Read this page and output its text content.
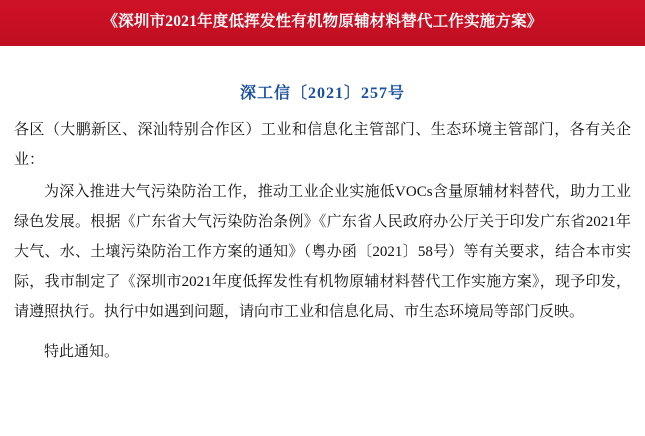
《深圳市2021年度低挥发性有机物原辅材料替代工作实施方案》
深工信〔2021〕257号

各区（大鹏新区、深汕特别合作区）工业和信息化主管部门、生态环境主管部门，各有关企业：

为深入推进大气污染防治工作，推动工业企业实施低VOCs含量原辅材料替代，助力工业绿色发展。根据《广东省大气污染防治条例》《广东省人民政府办公厅关于印发广东省2021年大气、水、土壤污染防治工作方案的通知》（粤办函〔2021〕58号）等有关要求，结合本市实际，我市制定了《深圳市2021年度低挥发性有机物原辅材料替代工作实施方案》，现予印发，请遵照执行。执行中如遇到问题，请向市工业和信息化局、市生态环境局等部门反映。

特此通知。
